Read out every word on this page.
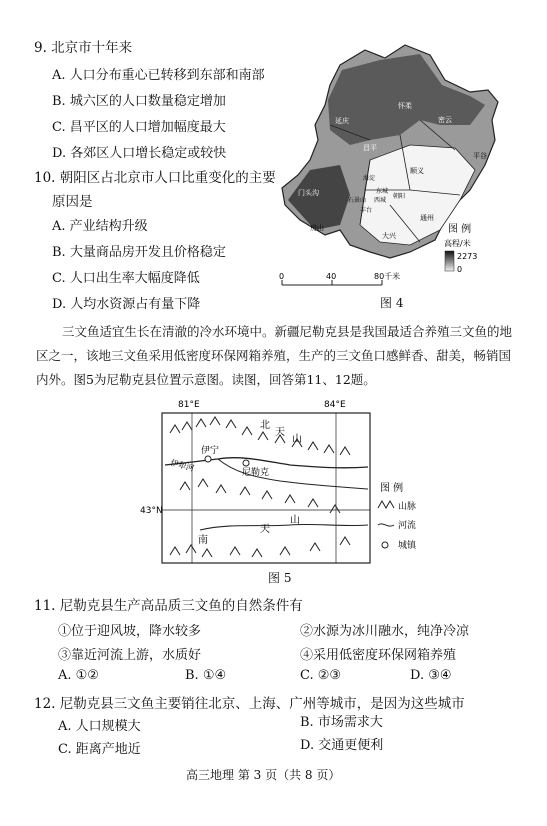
9. 北京市十年来
A. 人口分布重心已转移到东部和南部
B. 城六区的人口数量稳定增加
C. 昌平区的人口增加幅度最大
D. 各郊区人口增长稳定或较快
10. 朝阳区占北京市人口比重变化的主要
原因是
A. 产业结构升级
B. 大量商品房开发且价格稳定
C. 人口出生率大幅度降低
D. 人均水资源占有量下降
延庆
怀柔
密云
平谷
顺义
昌平
门头沟
海淀
朝阳
石景山
丰台
东城
西城
通州
房山
大兴
图 例
高程/米
2273
0
0	40	80千米
图 4
三文鱼适宜生长在清澈的冷水环境中。新疆尼勒克县是我国最适合养殖三文鱼的地区之一，该地三文鱼采用低密度环保网箱养殖，生产的三文鱼口感鲜香、甜美，畅销国内外。图5为尼勒克县位置示意图。读图，回答第11、12题。
81°E	84°E
43°N
北
天
山
山
天
南
伊宁
尼勒克
伊犁河
图 例
山脉
河流
城镇
图 5
11. 尼勒克县生产高品质三文鱼的自然条件有
①位于迎风坡，降水较多	②水源为冰川融水，纯净冷凉
③靠近河流上游，水质好	④采用低密度环保网箱养殖
A. ①②	B. ①④	C. ②③	D. ③④
12. 尼勒克县三文鱼主要销往北京、上海、广州等城市，是因为这些城市
A. 人口规模大	B. 市场需求大
C. 距离产地近	D. 交通更便利
高三地理 第 3 页（共 8 页）
